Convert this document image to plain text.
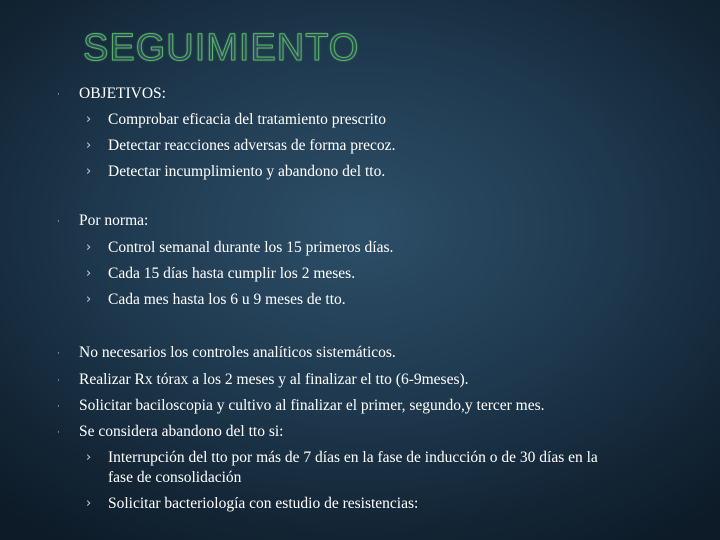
SEGUIMIENTO
·	OBJETIVOS:
› Comprobar eficacia del tratamiento prescrito
› Detectar reacciones adversas de forma precoz.
› Detectar incumplimiento y abandono del tto.
·	Por norma:
› Control semanal durante los 15 primeros días.
› Cada 15 días hasta cumplir los 2 meses.
› Cada mes hasta los 6 u 9 meses de tto.
·	No necesarios los controles analíticos sistemáticos.
·	Realizar Rx tórax a los 2 meses y al finalizar el tto (6-9meses).
·	Solicitar baciloscopia y cultivo al finalizar el primer, segundo,y tercer mes.
·	Se considera abandono del tto si:
› Interrupción del tto por más de 7 días en la fase de inducción o de 30 días en la
fase de consolidación
› Solicitar bacteriología con estudio de resistencias:
